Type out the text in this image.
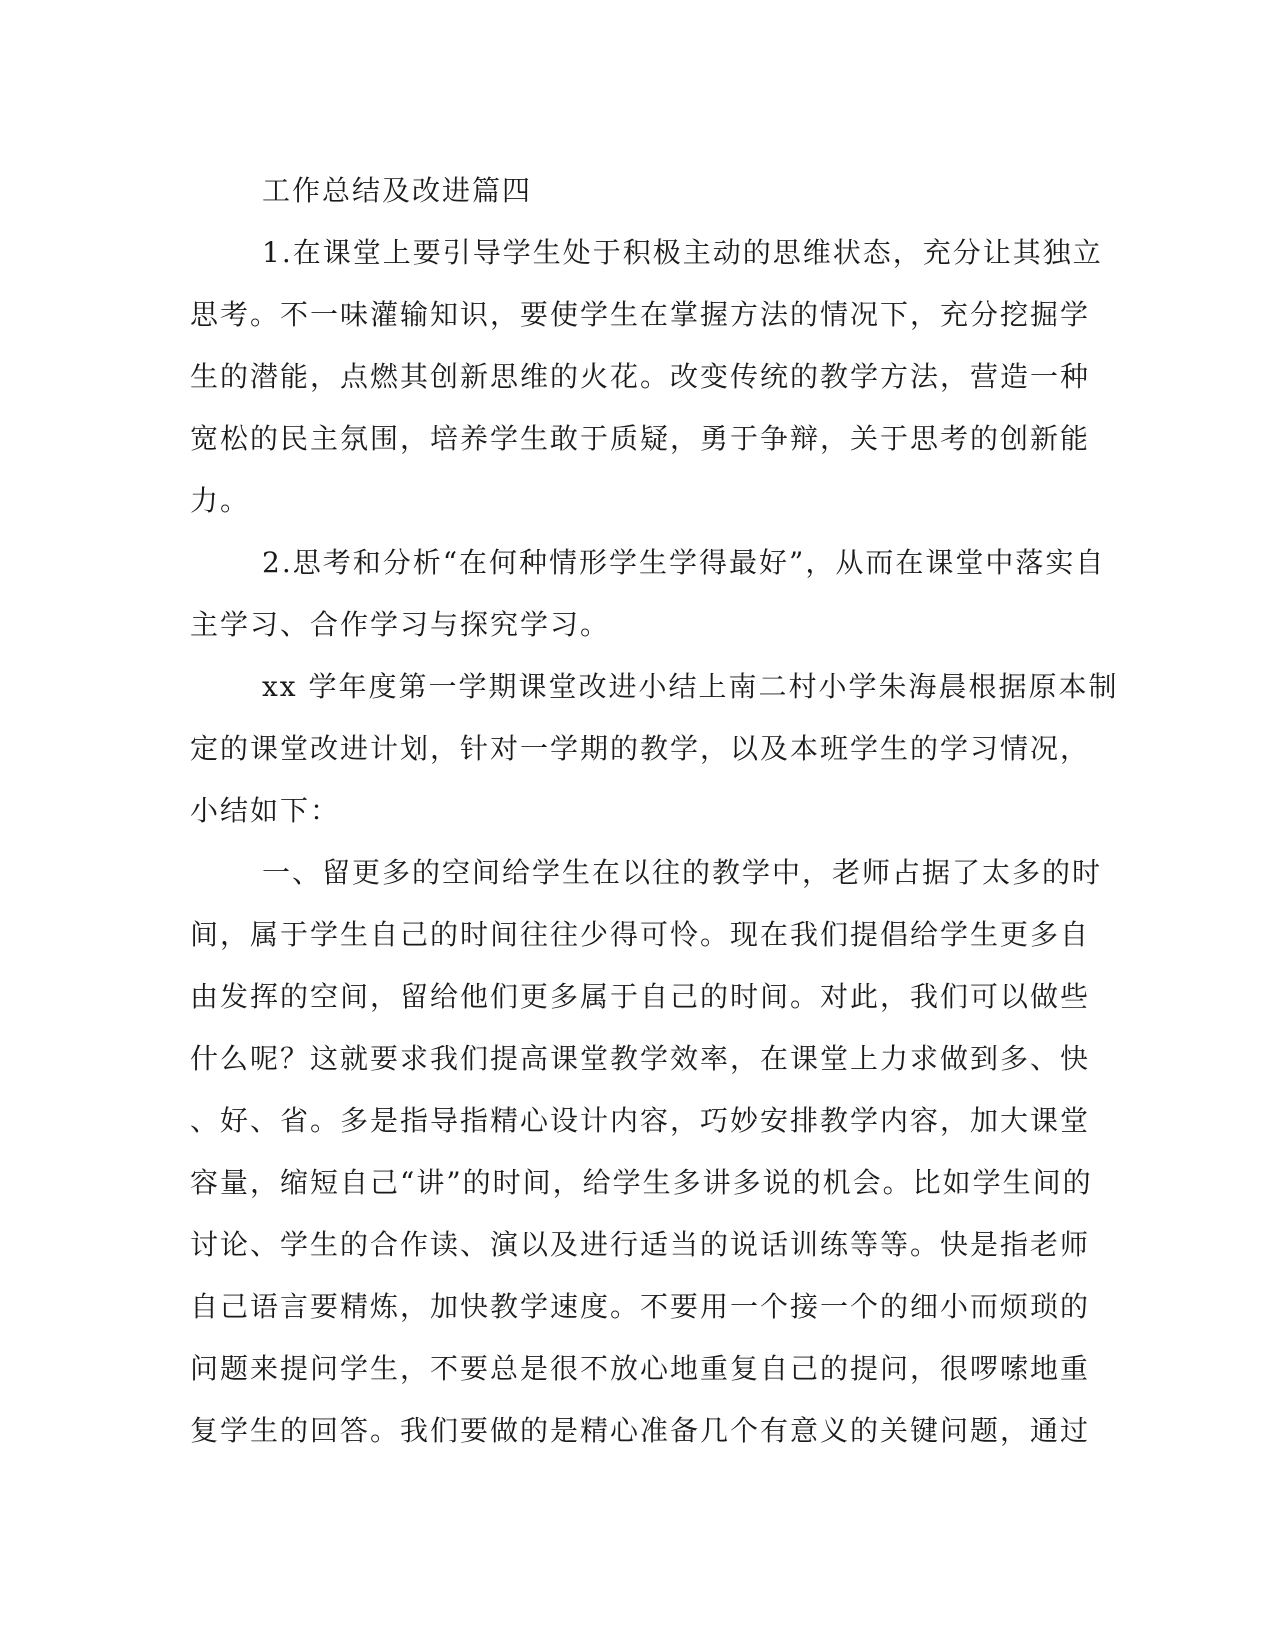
工作总结及改进篇四
1.在课堂上要引导学生处于积极主动的思维状态，充分让其独立
思考。不一味灌输知识，要使学生在掌握方法的情况下，充分挖掘学
生的潜能，点燃其创新思维的火花。改变传统的教学方法，营造一种
宽松的民主氛围，培养学生敢于质疑，勇于争辩，关于思考的创新能
力。
2.思考和分析“在何种情形学生学得最好”，从而在课堂中落实自
主学习、合作学习与探究学习。
xx 学年度第一学期课堂改进小结上南二村小学朱海晨根据原本制
定的课堂改进计划，针对一学期的教学，以及本班学生的学习情况，
小结如下：
一、留更多的空间给学生在以往的教学中，老师占据了太多的时
间，属于学生自己的时间往往少得可怜。现在我们提倡给学生更多自
由发挥的空间，留给他们更多属于自己的时间。对此，我们可以做些
什么呢？这就要求我们提高课堂教学效率，在课堂上力求做到多、快
、好、省。多是指导指精心设计内容，巧妙安排教学内容，加大课堂
容量，缩短自己“讲”的时间，给学生多讲多说的机会。比如学生间的
讨论、学生的合作读、演以及进行适当的说话训练等等。快是指老师
自己语言要精炼，加快教学速度。不要用一个接一个的细小而烦琐的
问题来提问学生，不要总是很不放心地重复自己的提问，很啰嗦地重
复学生的回答。我们要做的是精心准备几个有意义的关键问题，通过
